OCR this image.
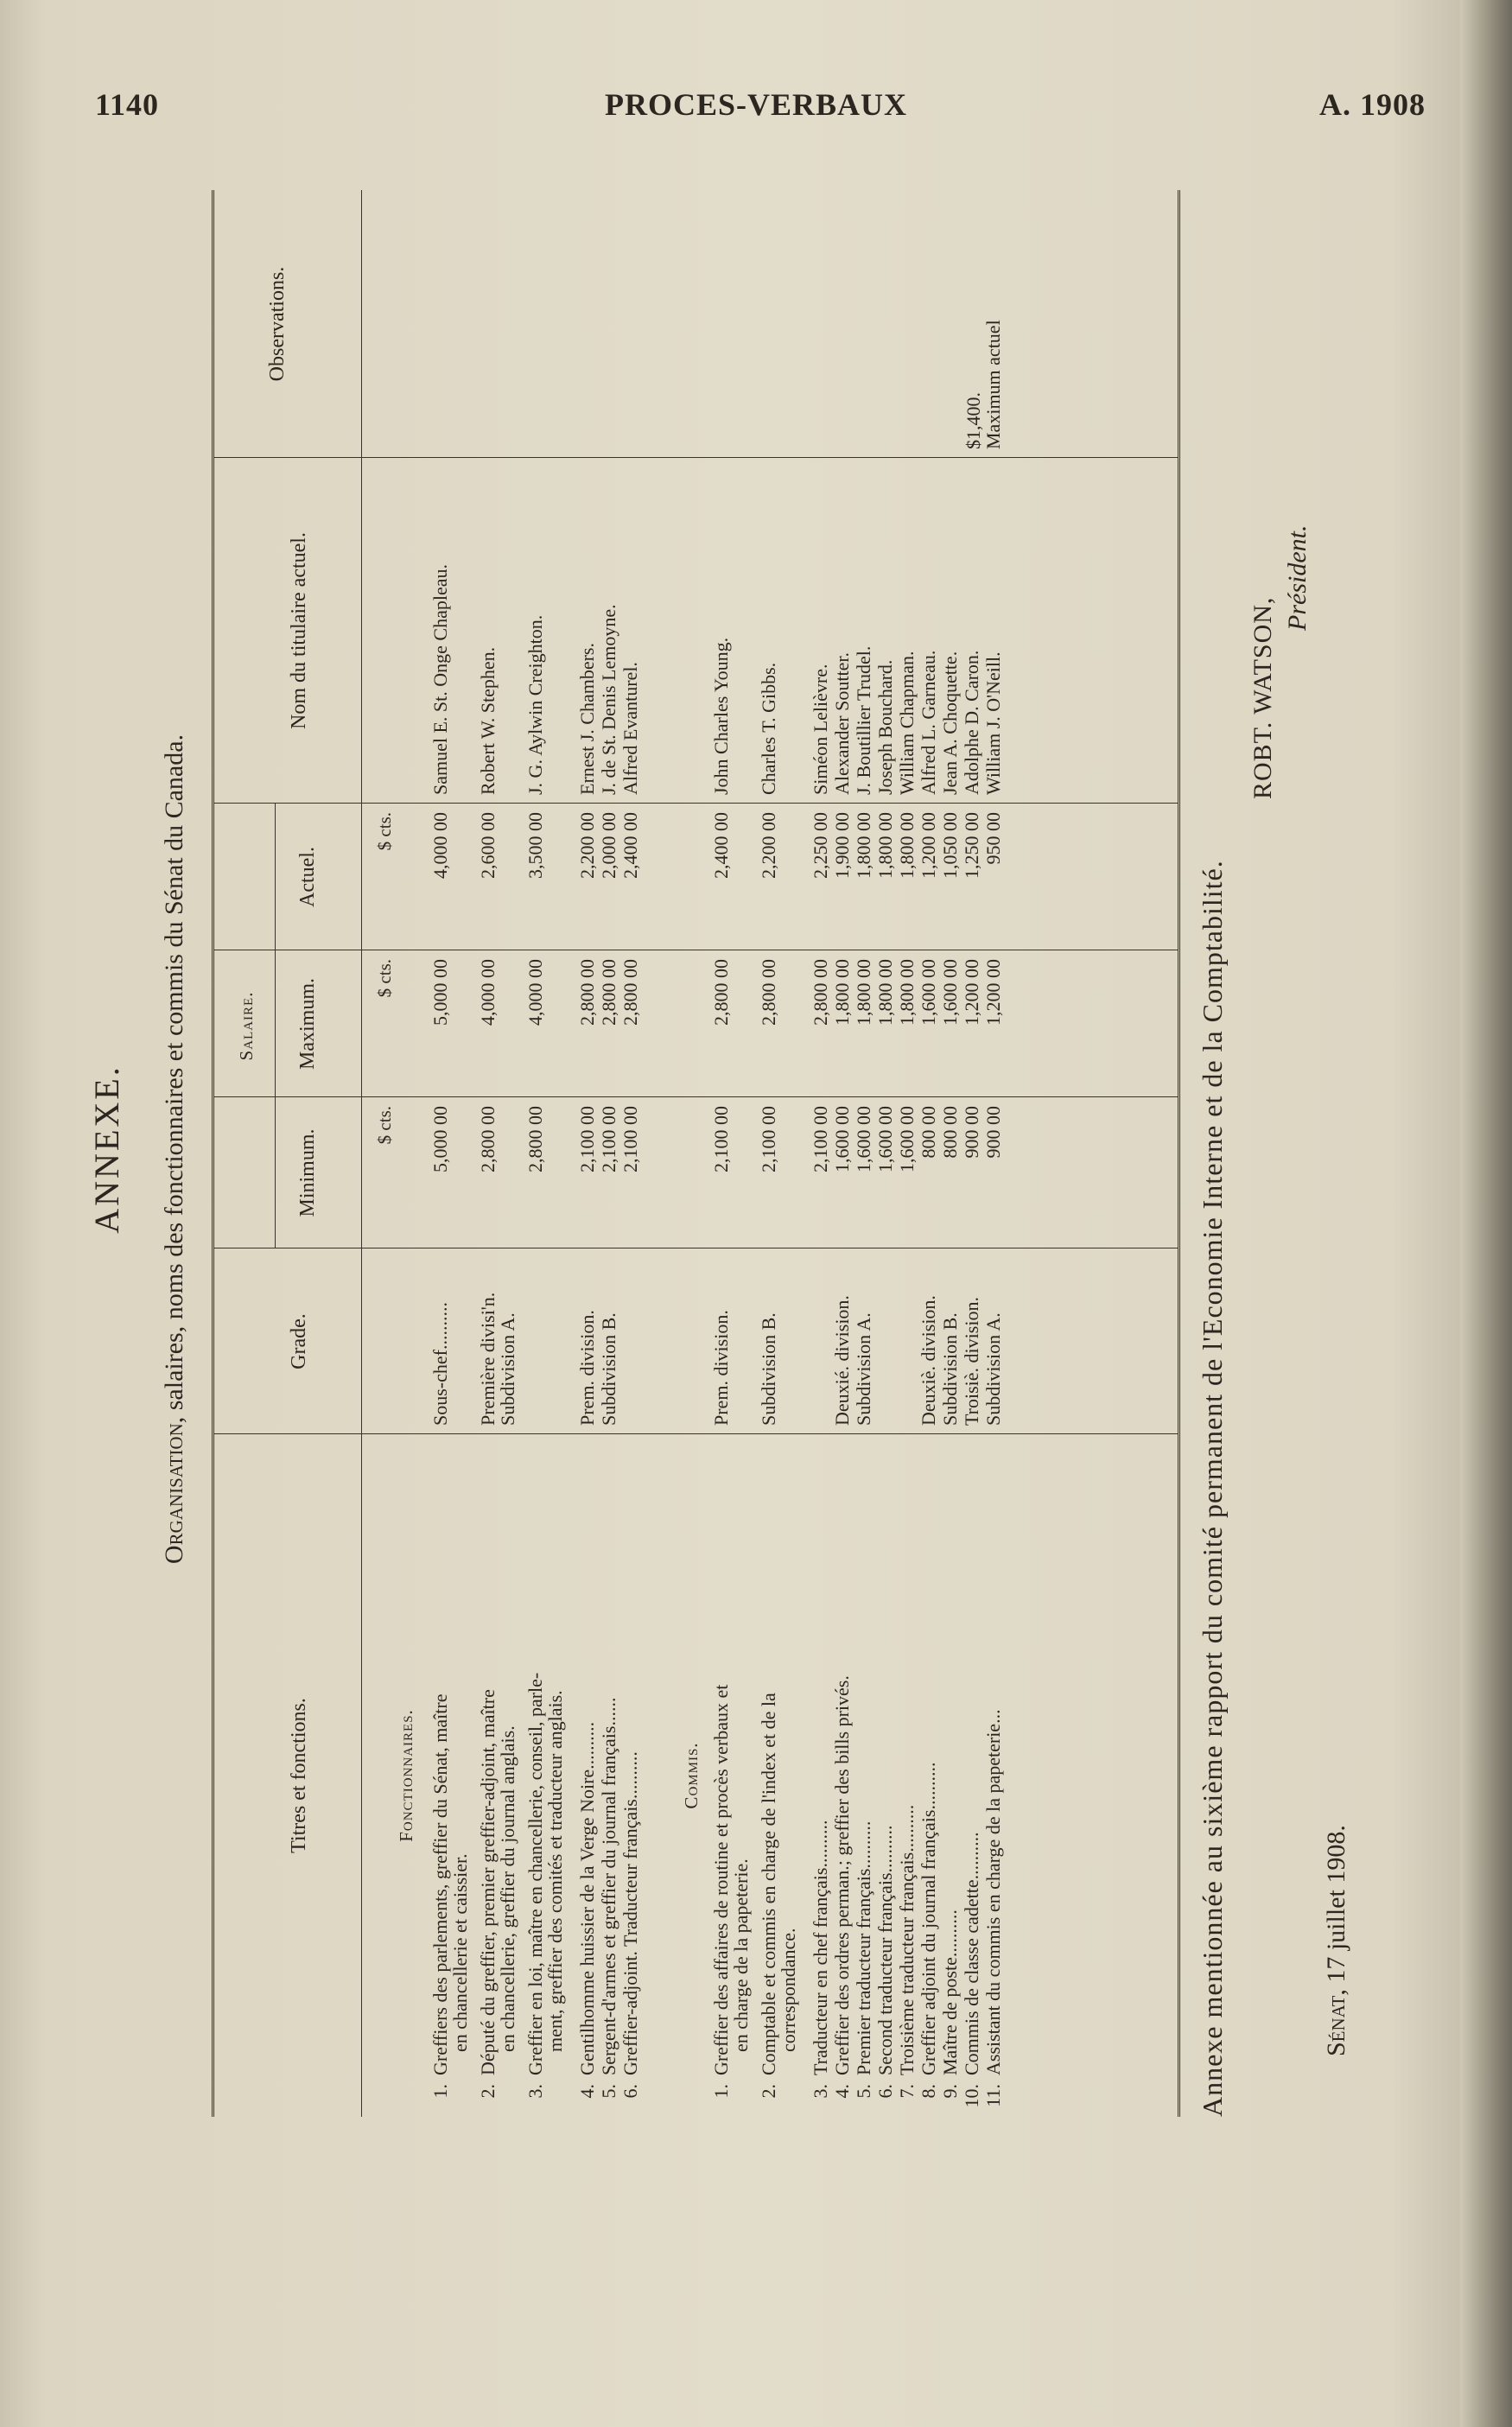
PROCES-VERBAUX
1140	A. 1908
ANNEXE.
Organisation, salaires, noms des fonctionnaires et commis du Sénat du Canada.
Titres et fonctions.
Grade.
Salaire.
Minimum.
Maximum.
Actuel.
Nom du titulaire actuel.
Observations.
$ cts.
$ cts.
$ cts.
Fonctionnaires.	Commis.
1.
Greffiers des parlements, greffier du Sénat, maître
en chancellerie et caissier.
Sous-chef..........
5,000 00
5,000 00
4,000 00
Samuel E. St. Onge Chapleau.
2.
Député du greffier, premier greffier-adjoint, maître
en chancellerie, greffier du journal anglais.
Première divisi'n.
Subdivision A.
2,800 00
4,000 00
2,600 00
Robert W. Stephen.
3.
Greffier en loi, maître en chancellerie, conseil, parle-
ment, greffier des comités et traducteur anglais.
2,800 00
4,000 00
3,500 00
J. G. Aylwin Creighton.
4.
Gentilhomme huissier de la Verge Noire..........
Prem. division.
2,100 00
2,800 00
2,200 00
Ernest J. Chambers.
5.
Sergent-d'armes et greffier du journal français......
Subdivision B.
2,100 00
2,800 00
2,000 00
J. de St. Denis Lemoyne.
6.
Greffier-adjoint. Traducteur français..........
2,100 00
2,800 00
2,400 00
Alfred Evanturel.
1.
Greffier des affaires de routine et procès verbaux et
en charge de la papeterie.
Prem. division.
2,100 00
2,800 00
2,400 00
John Charles Young.
2.
Comptable et commis en charge de l'index et de la
correspondance.
Subdivision B.
2,100 00
2,800 00
2,200 00
Charles T. Gibbs.
3.
Traducteur en chef français..........
2,100 00
2,800 00
2,250 00
Siméon Lelièvre.
4.
Greffier des ordres perman.; greffier des bills privés.
Deuxié. division.
1,600 00
1,800 00
1,900 00
Alexander Soutter.
5.
Premier traducteur français..........
Subdivision A.
1,600 00
1,800 00
1,800 00
J. Boutillier Trudel.
6.
Second traducteur français..........
1,600 00
1,800 00
1,800 00
Joseph Bouchard.
7.
Troisième traducteur français..........
1,600 00
1,800 00
1,800 00
William Chapman.
8.
Greffier adjoint du journal français..........
Deuxiè. division.
800 00
1,600 00
1,200 00
Alfred L. Garneau.
9.
Maître de poste..........
Subdivision B.
800 00
1,600 00
1,050 00
Jean A. Choquette.
10.
Commis de classe cadette..........
Troisiè. division.
900 00
1,200 00
1,250 00
Adolphe D. Caron.
11.
Assistant du commis en charge de la papeterie...
Subdivision A.
900 00
1,200 00
950 00
William J. O'Neill.
Maximum actuel
$1,400.
Annexe mentionnée au sixième rapport du comité permanent de l'Economie Interne et de la Comptabilité.
ROBT. WATSON,
Président.
Sénat, 17 juillet 1908.
